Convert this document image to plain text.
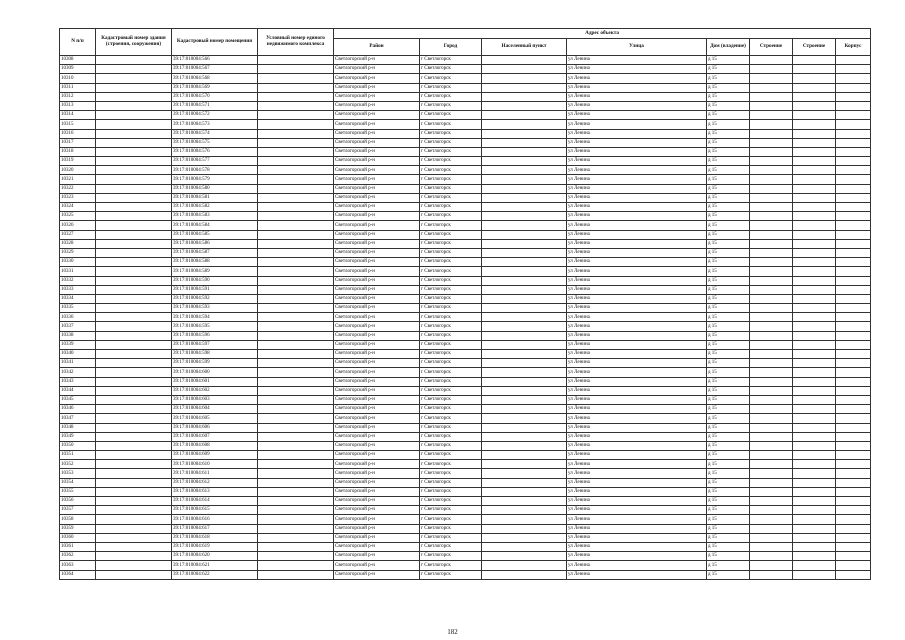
N п/п	Кадастровый номер здания (строения, сооружения)	Кадастровый номер помещения	Условный номер единого недвижимого комплекса	Адрес объекта							
				Район	Город	Населенный пункт	Улица	Дом (владение)	Строение	Строение	Корпус
10308		39:17:010004:566		Светлогорский р-н	г Светлогорск		ул Ленина	д 15			
10309		39:17:010004:567		Светлогорский р-н	г Светлогорск		ул Ленина	д 15			
10310		39:17:010004:568		Светлогорский р-н	г Светлогорск		ул Ленина	д 15			
10311		39:17:010004:569		Светлогорский р-н	г Светлогорск		ул Ленина	д 15			
10312		39:17:010004:570		Светлогорский р-н	г Светлогорск		ул Ленина	д 15			
10313		39:17:010004:571		Светлогорский р-н	г Светлогорск		ул Ленина	д 15			
10314		39:17:010004:572		Светлогорский р-н	г Светлогорск		ул Ленина	д 15			
10315		39:17:010004:573		Светлогорский р-н	г Светлогорск		ул Ленина	д 15			
10316		39:17:010004:574		Светлогорский р-н	г Светлогорск		ул Ленина	д 15			
10317		39:17:010004:575		Светлогорский р-н	г Светлогорск		ул Ленина	д 15			
10318		39:17:010004:576		Светлогорский р-н	г Светлогорск		ул Ленина	д 15			
10319		39:17:010004:577		Светлогорский р-н	г Светлогорск		ул Ленина	д 15			
10320		39:17:010004:578		Светлогорский р-н	г Светлогорск		ул Ленина	д 15			
10321		39:17:010004:579		Светлогорский р-н	г Светлогорск		ул Ленина	д 15			
10322		39:17:010004:580		Светлогорский р-н	г Светлогорск		ул Ленина	д 15			
10323		39:17:010004:581		Светлогорский р-н	г Светлогорск		ул Ленина	д 15			
10324		39:17:010004:582		Светлогорский р-н	г Светлогорск		ул Ленина	д 15			
10325		39:17:010004:583		Светлогорский р-н	г Светлогорск		ул Ленина	д 15			
10326		39:17:010004:584		Светлогорский р-н	г Светлогорск		ул Ленина	д 15			
10327		39:17:010004:585		Светлогорский р-н	г Светлогорск		ул Ленина	д 15			
10328		39:17:010004:586		Светлогорский р-н	г Светлогорск		ул Ленина	д 15			
10329		39:17:010004:587		Светлогорский р-н	г Светлогорск		ул Ленина	д 15			
10330		39:17:010004:588		Светлогорский р-н	г Светлогорск		ул Ленина	д 15			
10331		39:17:010004:589		Светлогорский р-н	г Светлогорск		ул Ленина	д 15			
10332		39:17:010004:590		Светлогорский р-н	г Светлогорск		ул Ленина	д 15			
10333		39:17:010004:591		Светлогорский р-н	г Светлогорск		ул Ленина	д 15			
10334		39:17:010004:592		Светлогорский р-н	г Светлогорск		ул Ленина	д 15			
10335		39:17:010004:593		Светлогорский р-н	г Светлогорск		ул Ленина	д 15			
10336		39:17:010004:594		Светлогорский р-н	г Светлогорск		ул Ленина	д 15			
10337		39:17:010004:595		Светлогорский р-н	г Светлогорск		ул Ленина	д 15			
10338		39:17:010004:596		Светлогорский р-н	г Светлогорск		ул Ленина	д 15			
10339		39:17:010004:597		Светлогорский р-н	г Светлогорск		ул Ленина	д 15			
10340		39:17:010004:598		Светлогорский р-н	г Светлогорск		ул Ленина	д 15			
10341		39:17:010004:599		Светлогорский р-н	г Светлогорск		ул Ленина	д 15			
10342		39:17:010004:600		Светлогорский р-н	г Светлогорск		ул Ленина	д 15			
10343		39:17:010004:601		Светлогорский р-н	г Светлогорск		ул Ленина	д 15			
10344		39:17:010004:602		Светлогорский р-н	г Светлогорск		ул Ленина	д 15			
10345		39:17:010004:603		Светлогорский р-н	г Светлогорск		ул Ленина	д 15			
10346		39:17:010004:604		Светлогорский р-н	г Светлогорск		ул Ленина	д 15			
10347		39:17:010004:605		Светлогорский р-н	г Светлогорск		ул Ленина	д 15			
10348		39:17:010004:606		Светлогорский р-н	г Светлогорск		ул Ленина	д 15			
10349		39:17:010004:607		Светлогорский р-н	г Светлогорск		ул Ленина	д 15			
10350		39:17:010004:608		Светлогорский р-н	г Светлогорск		ул Ленина	д 15			
10351		39:17:010004:609		Светлогорский р-н	г Светлогорск		ул Ленина	д 15			
10352		39:17:010004:610		Светлогорский р-н	г Светлогорск		ул Ленина	д 15			
10353		39:17:010004:611		Светлогорский р-н	г Светлогорск		ул Ленина	д 15			
10354		39:17:010004:612		Светлогорский р-н	г Светлогорск		ул Ленина	д 15			
10355		39:17:010004:613		Светлогорский р-н	г Светлогорск		ул Ленина	д 15			
10356		39:17:010004:614		Светлогорский р-н	г Светлогорск		ул Ленина	д 15			
10357		39:17:010004:615		Светлогорский р-н	г Светлогорск		ул Ленина	д 15			
10358		39:17:010004:616		Светлогорский р-н	г Светлогорск		ул Ленина	д 15			
10359		39:17:010004:617		Светлогорский р-н	г Светлогорск		ул Ленина	д 15			
10360		39:17:010004:618		Светлогорский р-н	г Светлогорск		ул Ленина	д 15			
10361		39:17:010004:619		Светлогорский р-н	г Светлогорск		ул Ленина	д 15			
10362		39:17:010004:620		Светлогорский р-н	г Светлогорск		ул Ленина	д 15			
10363		39:17:010004:621		Светлогорский р-н	г Светлогорск		ул Ленина	д 15			
10364		39:17:010004:622		Светлогорский р-н	г Светлогорск		ул Ленина	д 15			
182
